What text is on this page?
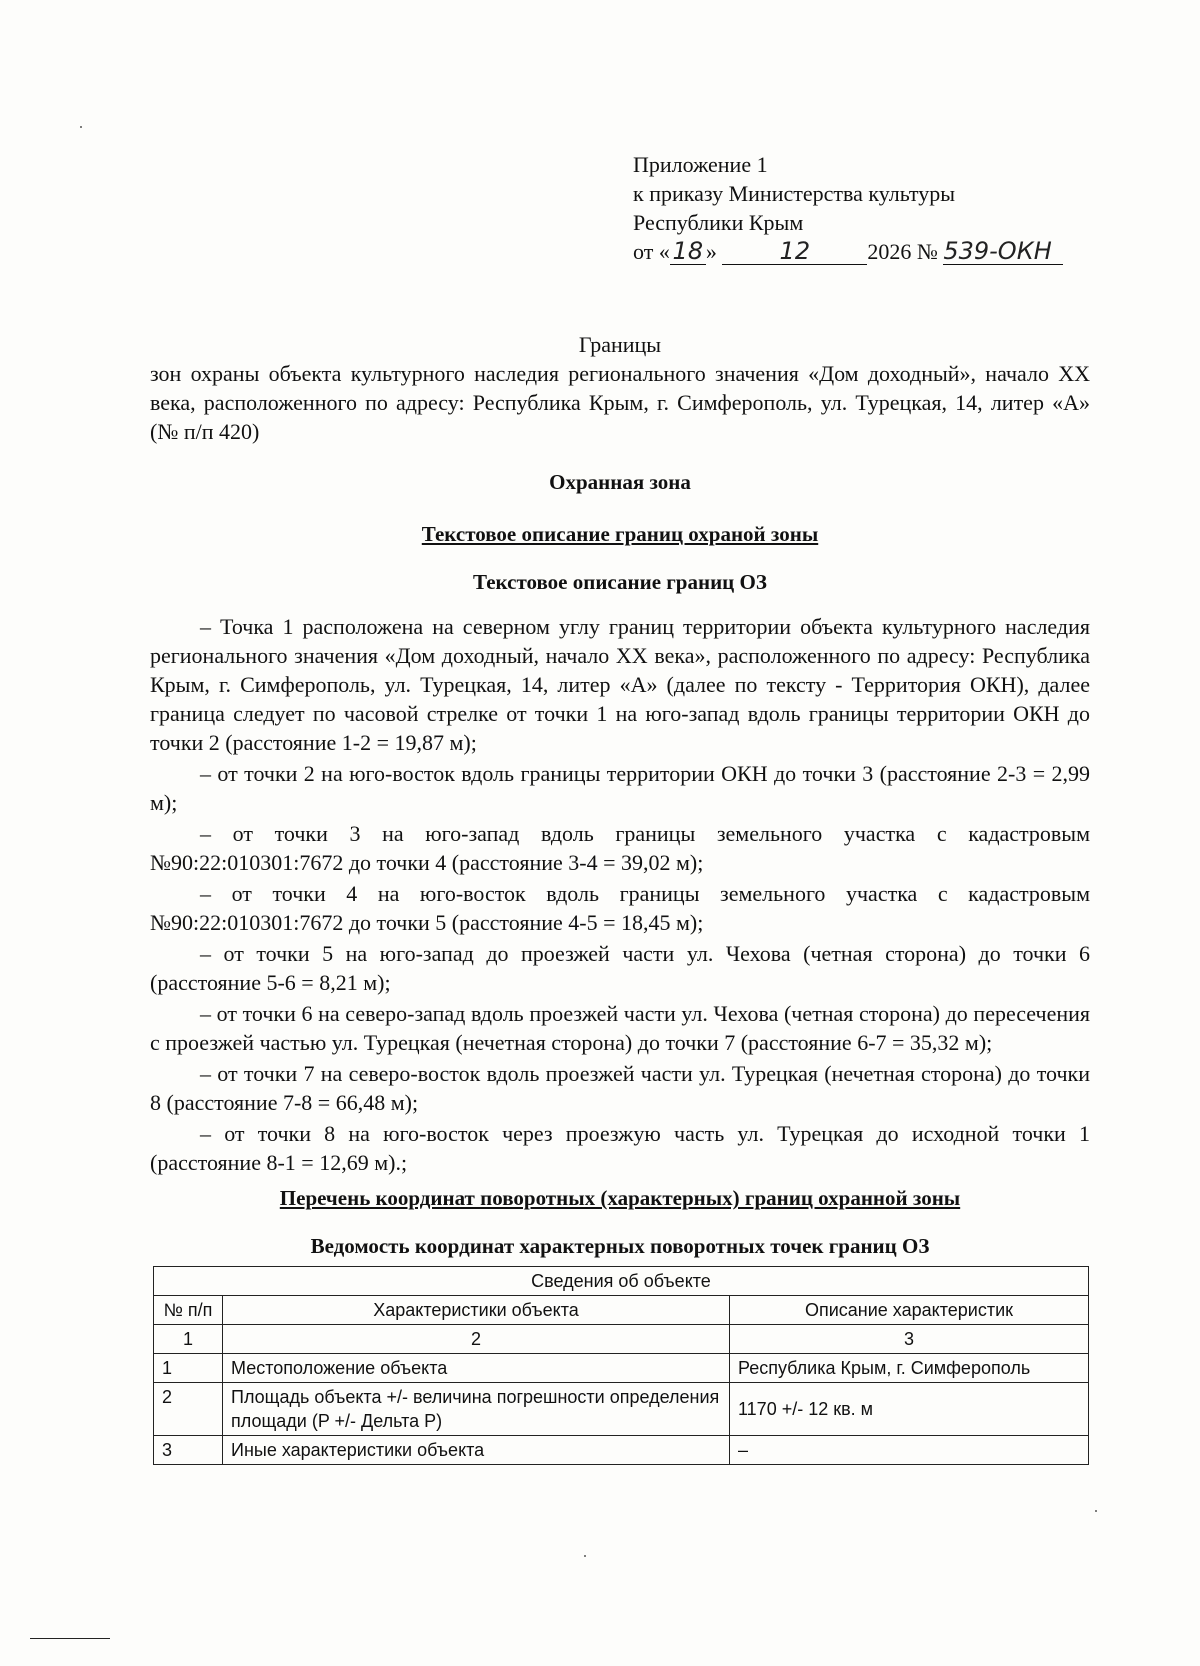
Приложение 1
к приказу Министерства культуры
Республики Крым
от « 18 »	12	2026 № 539-ОКН

Границы

зон охраны объекта культурного наследия регионального значения «Дом доходный», начало XX века, расположенного по адресу: Республика Крым, г. Симферополь, ул. Турецкая, 14, литер «А» (№ п/п 420)

Охранная зона

Текстовое описание границ охраной зоны

Текстовое описание границ ОЗ

– Точка 1 расположена на северном углу границ территории объекта культурного наследия регионального значения «Дом доходный, начало XX века», расположенного по адресу: Республика Крым, г. Симферополь, ул. Турецкая, 14, литер «А» (далее по тексту - Территория ОКН), далее граница следует по часовой стрелке от точки 1 на юго-запад вдоль границы территории ОКН до точки 2 (расстояние 1-2 = 19,87 м);
– от точки 2 на юго-восток вдоль границы территории ОКН до точки 3 (расстояние 2-3 = 2,99 м);
– от точки 3 на юго-запад вдоль границы земельного участка с кадастровым №90:22:010301:7672 до точки 4 (расстояние 3-4 = 39,02 м);
– от точки 4 на юго-восток вдоль границы земельного участка с кадастровым №90:22:010301:7672 до точки 5 (расстояние 4-5 = 18,45 м);
– от точки 5 на юго-запад до проезжей части ул. Чехова (четная сторона) до точки 6 (расстояние 5-6 = 8,21 м);
– от точки 6 на северо-запад вдоль проезжей части ул. Чехова (четная сторона) до пересечения с проезжей частью ул. Турецкая (нечетная сторона) до точки 7 (расстояние 6-7 = 35,32 м);
– от точки 7 на северо-восток вдоль проезжей части ул. Турецкая (нечетная сторона) до точки 8 (расстояние 7-8 = 66,48 м);
– от точки 8 на юго-восток через проезжую часть ул. Турецкая до исходной точки 1 (расстояние 8-1 = 12,69 м).;

Перечень координат поворотных (характерных) границ охранной зоны

Ведомость координат характерных поворотных точек границ ОЗ

Сведения об объекте		
№ п/п	Характеристики объекта	Описание характеристик
1	2	3
1	Местоположение объекта	Республика Крым, г. Симферополь
2	Площадь объекта +/- величина погрешности определения площади (P +/- Дельта P)	1170 +/- 12 кв. м
3	Иные характеристики объекта	–
